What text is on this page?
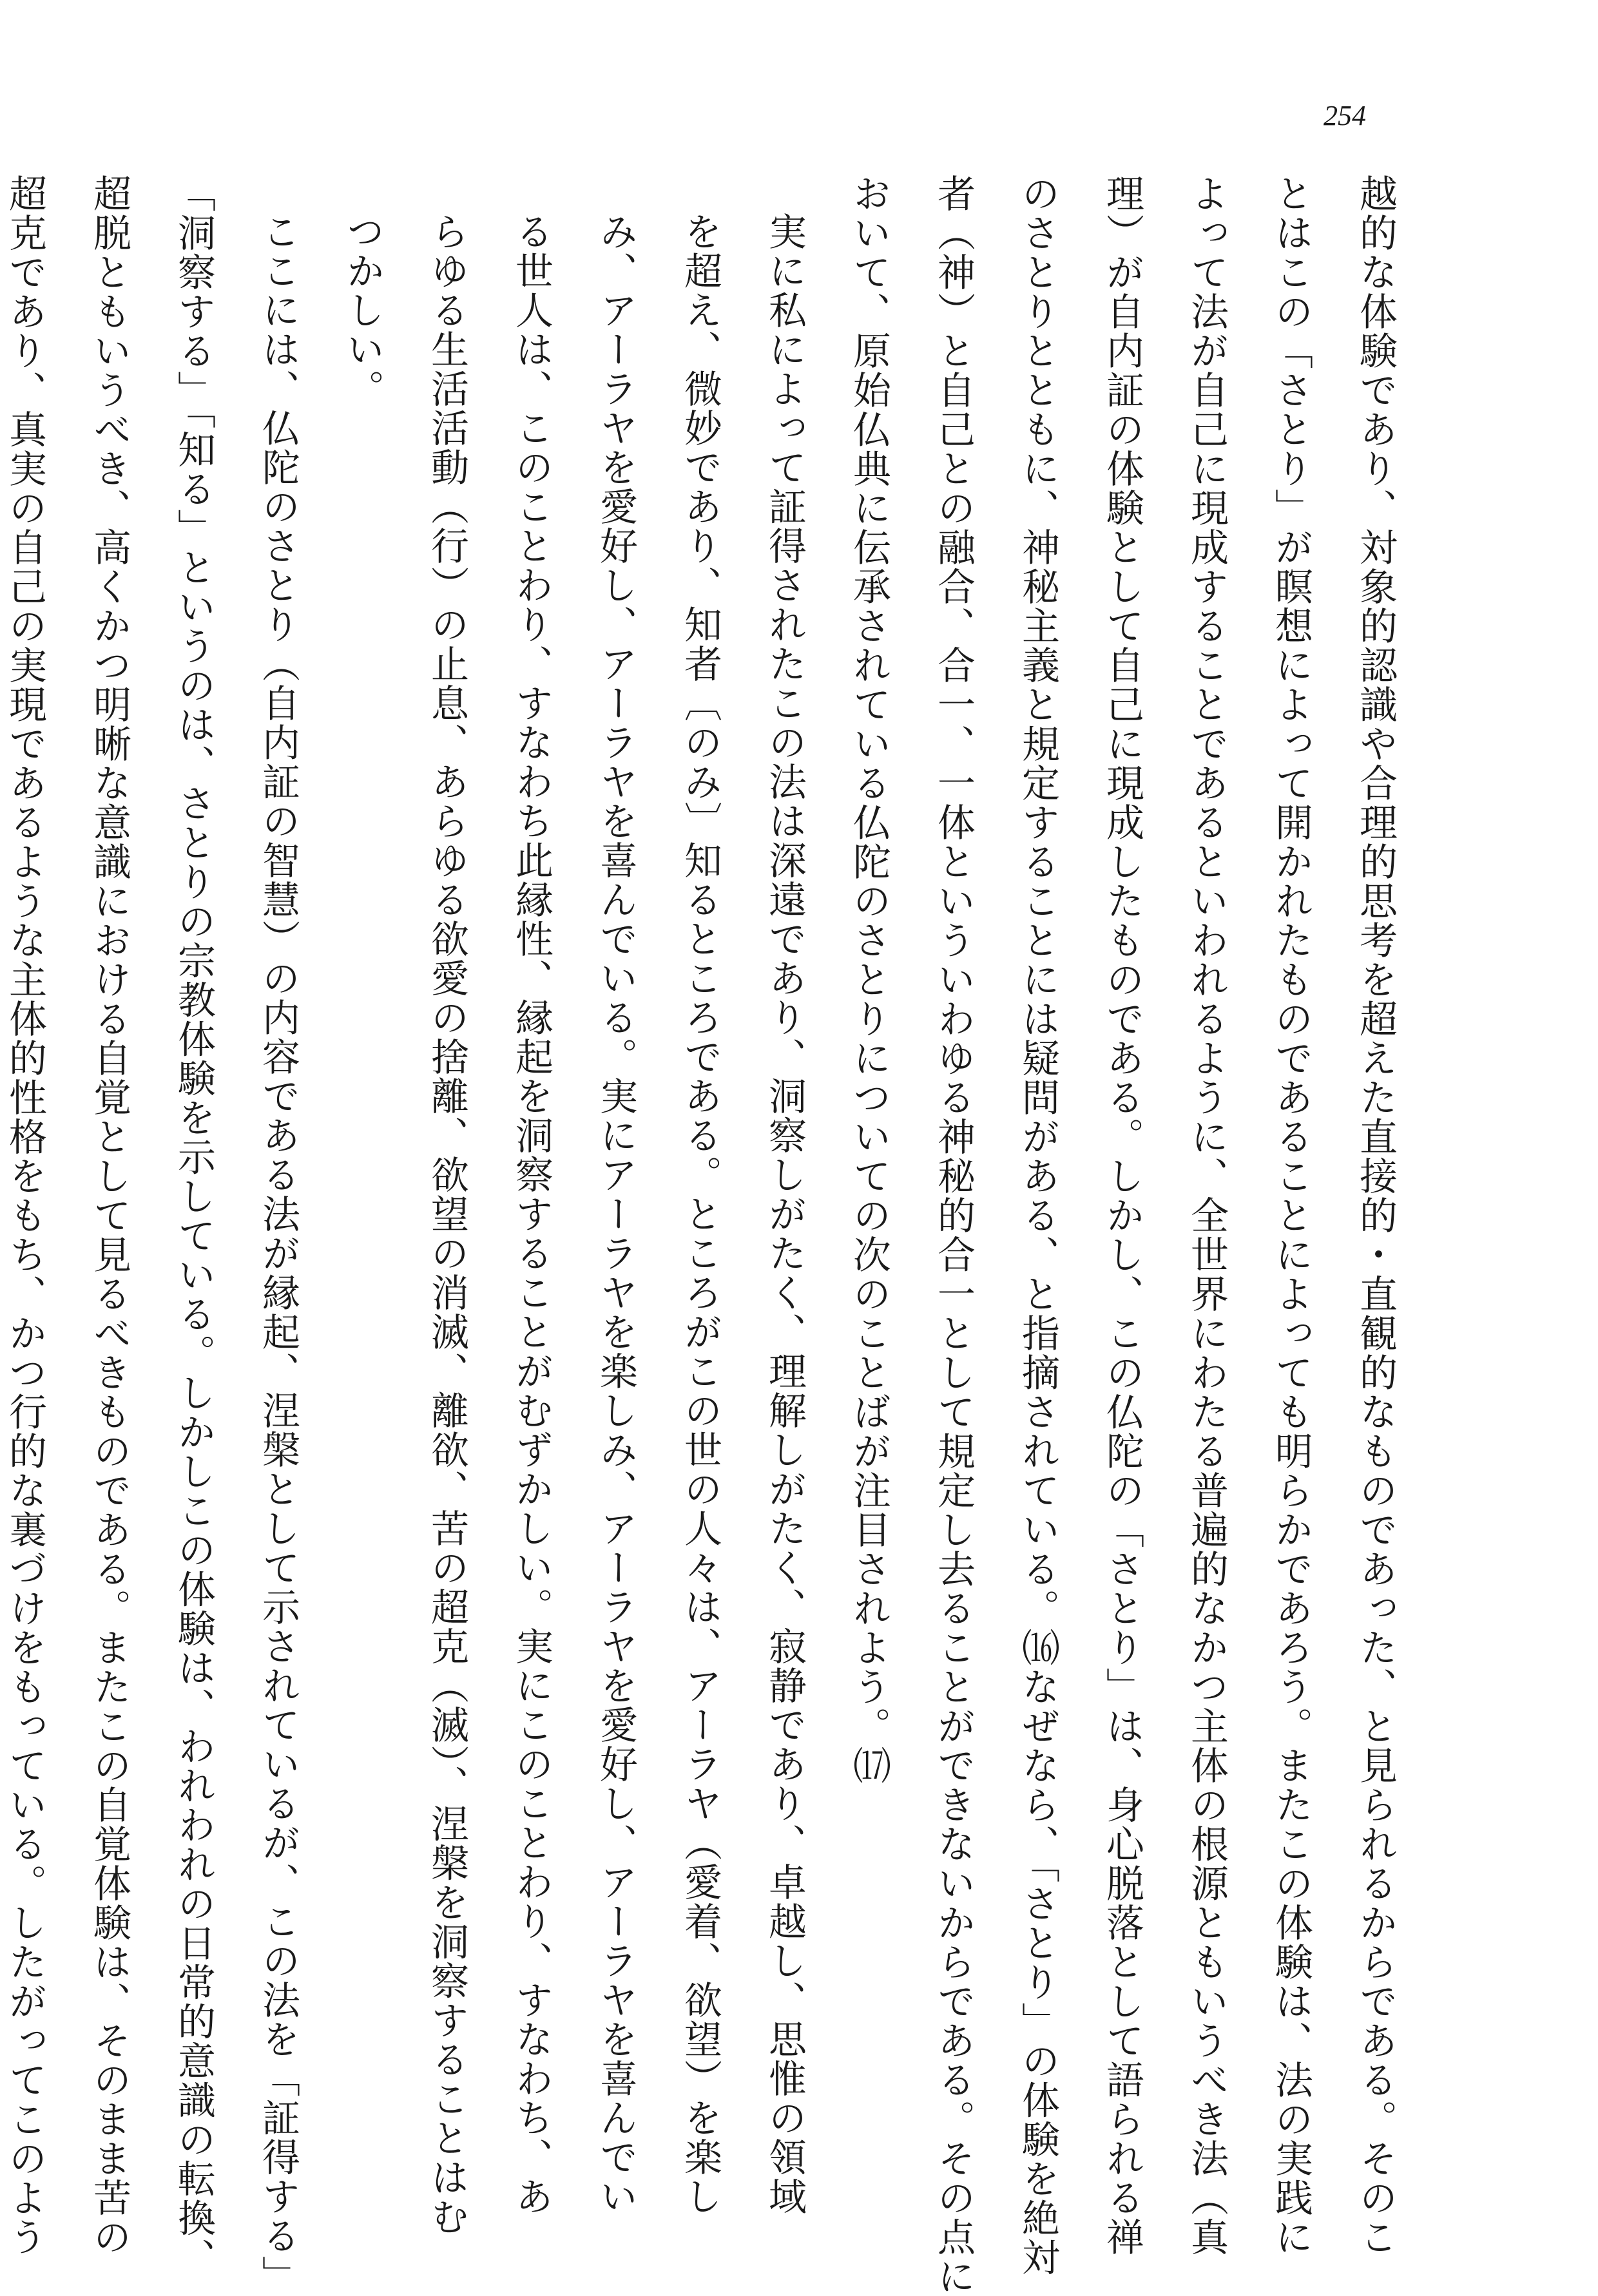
254
越的な体験であり、対象的認識や合理的思考を超えた直接的・直観的なものであった、と見られるからである。そのこ
とはこの「さとり」が瞑想によって開かれたものであることによっても明らかであろう。またこの体験は、法の実践に
よって法が自己に現成することであるといわれるように、全世界にわたる普遍的なかつ主体の根源ともいうべき法（真
理）が自内証の体験として自己に現成したものである。しかし、この仏陀の「さとり」は、身心脱落として語られる禅
のさとりとともに、神秘主義と規定することには疑問がある、と指摘されている。⒃なぜなら、「さとり」の体験を絶対
者（神）と自己との融合、合一、一体といういわゆる神秘的合一として規定し去ることができないからである。その点に
おいて、原始仏典に伝承されている仏陀のさとりについての次のことばが注目されよう。⒄
実に私によって証得されたこの法は深遠であり、洞察しがたく、理解しがたく、寂静であり、卓越し、思惟の領域
を超え、微妙であり、知者〔のみ〕知るところである。ところがこの世の人々は、アーラヤ（愛着、欲望）を楽し
み、アーラヤを愛好し、アーラヤを喜んでいる。実にアーラヤを楽しみ、アーラヤを愛好し、アーラヤを喜んでい
る世人は、このことわり、すなわち此縁性、縁起を洞察することがむずかしい。実にこのことわり、すなわち、あ
らゆる生活活動（行）の止息、あらゆる欲愛の捨離、欲望の消滅、離欲、苦の超克（滅）、涅槃を洞察することはむ
つかしい。
ここには、仏陀のさとり（自内証の智慧）の内容である法が縁起、涅槃として示されているが、この法を「証得する」
「洞察する」「知る」というのは、さとりの宗教体験を示している。しかしこの体験は、われわれの日常的意識の転換、
超脱ともいうべき、高くかつ明晰な意識における自覚として見るべきものである。またこの自覚体験は、そのまま苦の
超克であり、真実の自己の実現であるような主体的性格をもち、かつ行的な裏づけをもっている。したがってこのよう
